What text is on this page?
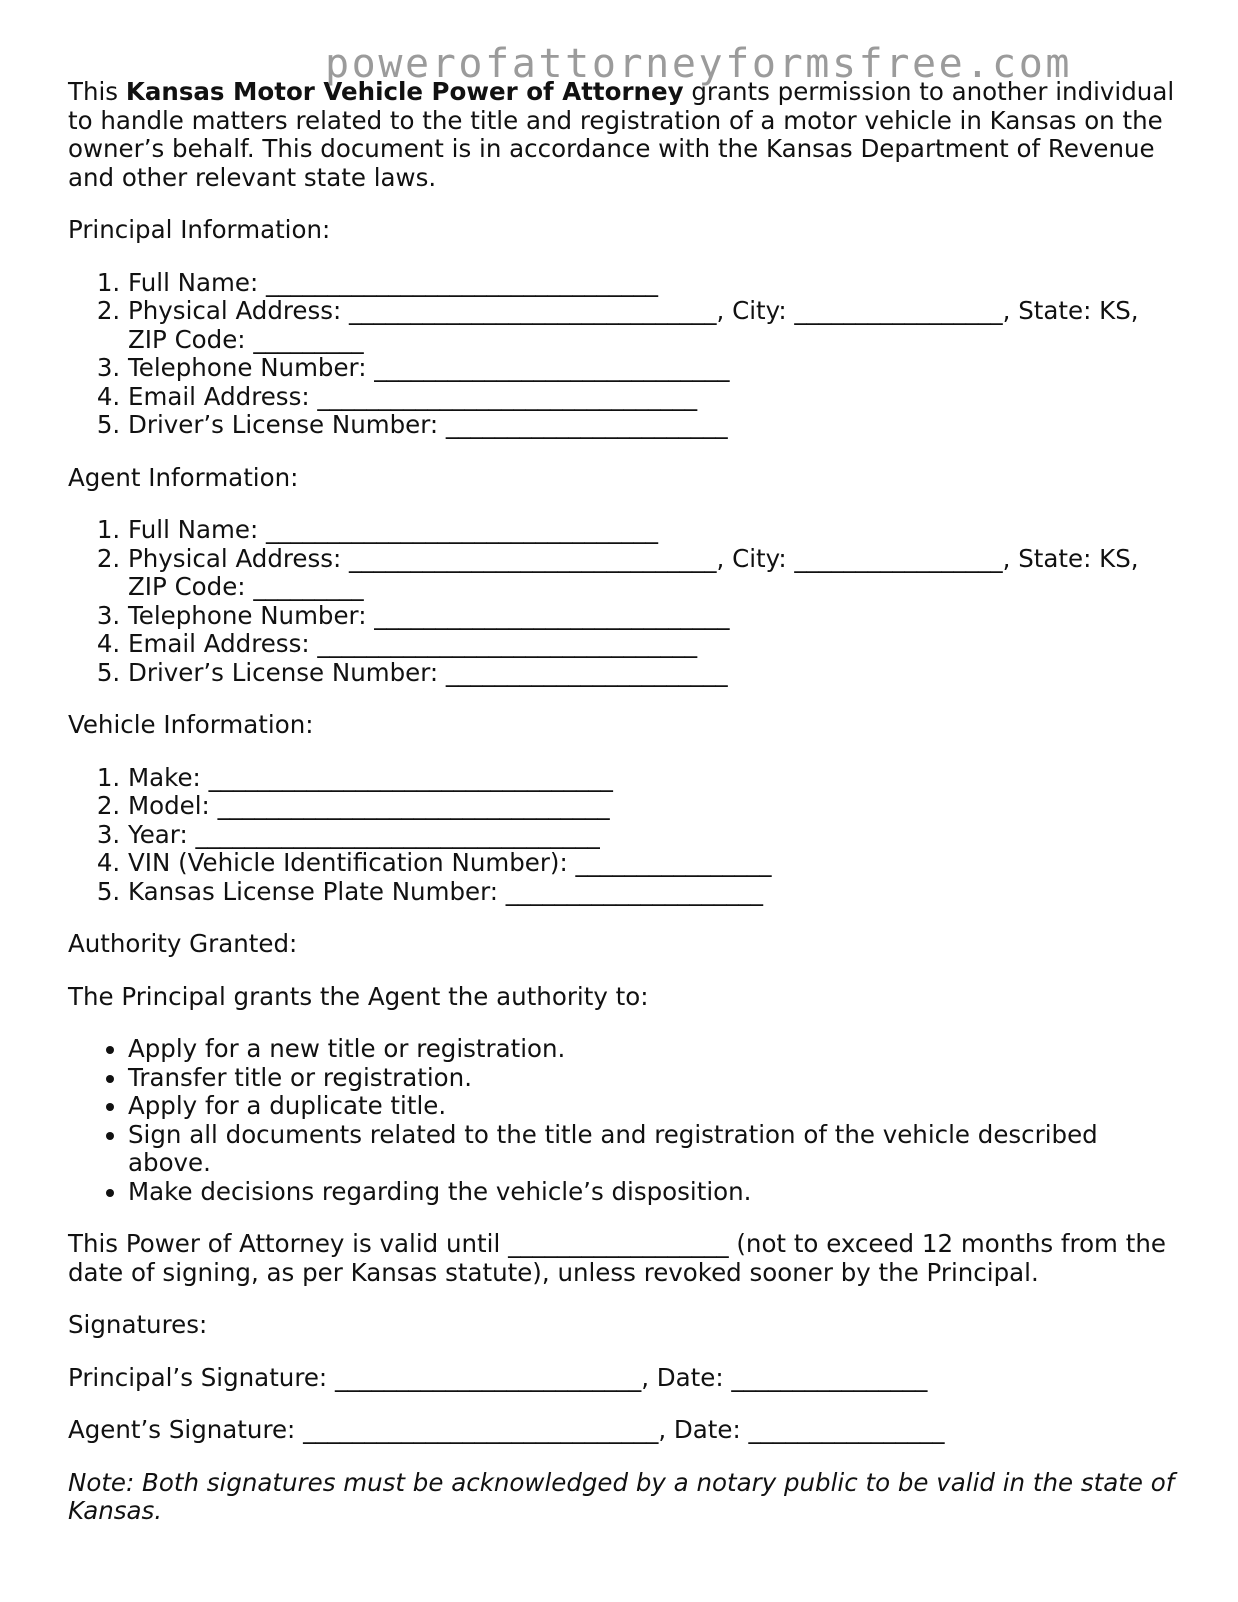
powerofattorneyformsfree.com

This Kansas Motor Vehicle Power of Attorney grants permission to another individual to handle matters related to the title and registration of a motor vehicle in Kansas on the owner’s behalf. This document is in accordance with the Kansas Department of Revenue and other relevant state laws.

Principal Information:

1. Full Name: ________________________________
2. Physical Address: ______________________________, City: _________________, State: KS, ZIP Code: _________
3. Telephone Number: _____________________________
4. Email Address: _______________________________
5. Driver’s License Number: _______________________

Agent Information:

1. Full Name: ________________________________
2. Physical Address: ______________________________, City: _________________, State: KS, ZIP Code: _________
3. Telephone Number: _____________________________
4. Email Address: _______________________________
5. Driver’s License Number: _______________________

Vehicle Information:

1. Make: _________________________________
2. Model: ________________________________
3. Year: _________________________________
4. VIN (Vehicle Identification Number): ________________
5. Kansas License Plate Number: _____________________

Authority Granted:

The Principal grants the Agent the authority to:

• Apply for a new title or registration.
• Transfer title or registration.
• Apply for a duplicate title.
• Sign all documents related to the title and registration of the vehicle described above.
• Make decisions regarding the vehicle’s disposition.

This Power of Attorney is valid until __________________ (not to exceed 12 months from the date of signing, as per Kansas statute), unless revoked sooner by the Principal.

Signatures:

Principal’s Signature: _________________________, Date: ________________

Agent’s Signature: _____________________________, Date: ________________

Note: Both signatures must be acknowledged by a notary public to be valid in the state of Kansas.
